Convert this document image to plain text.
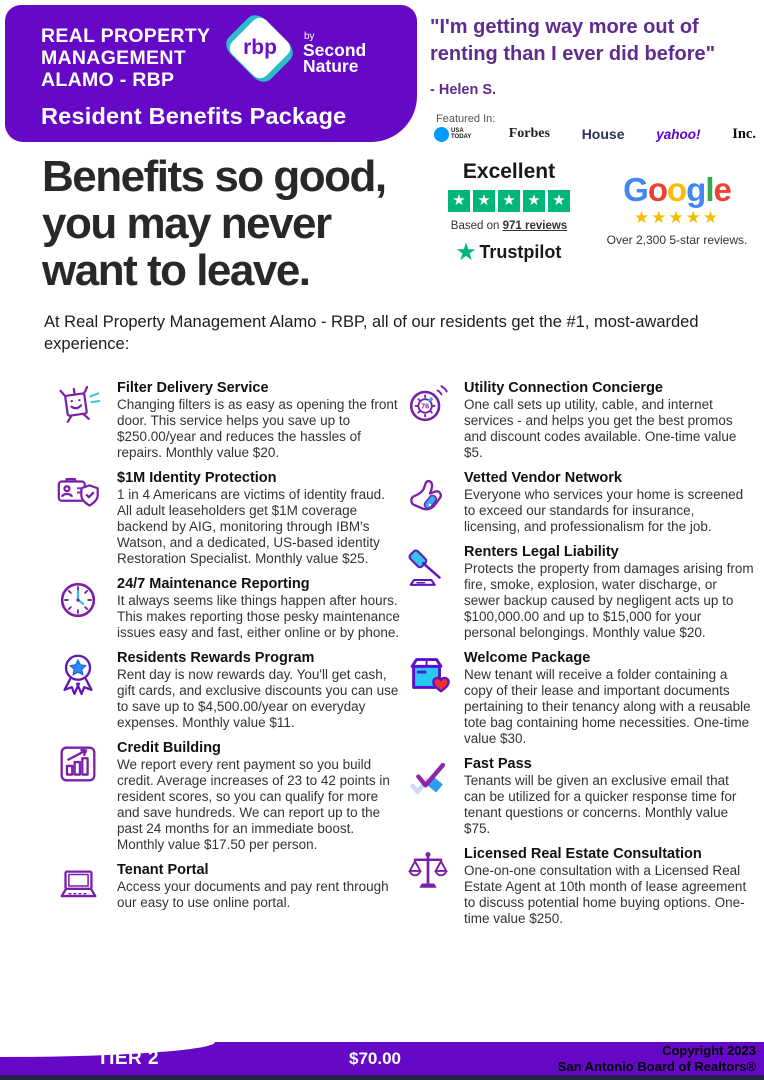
REAL PROPERTY
MANAGEMENT
ALAMO - RBP
rbp	by
Second
Nature
Resident Benefits Package
"I'm getting way more out of renting than I ever did before"
- Helen S.
Featured In:
USA TODAY	Forbes House yahoo! Inc.
Excellent
★ ★ ★ ★ ★
Based on 971 reviews
★ Trustpilot
Google
★★★★★
Over 2,300 5-star reviews.
Benefits so good,
you may never
want to leave.
At Real Property Management Alamo - RBP, all of our residents get the #1, most-awarded experience:
Filter Delivery Service
Changing filters is as easy as opening the front door. This service helps you save up to $250.00/year and reduces the hassles of repairs. Monthly value $20.
$1M Identity Protection
1 in 4 Americans are victims of identity fraud. All adult leaseholders get $1M coverage backend by AIG, monitoring through IBM's Watson, and a dedicated, US-based identity Restoration Specialist. Monthly value $25.
24/7 Maintenance Reporting
It always seems like things happen after hours. This makes reporting those pesky maintenance issues easy and fast, either online or by phone.
Residents Rewards Program
Rent day is now rewards day. You'll get cash, gift cards, and exclusive discounts you can use to save up to $4,500.00/year on everyday expenses. Monthly value $11.
Credit Building
We report every rent payment so you build credit. Average increases of 23 to 42 points in resident scores, so you can qualify for more and save hundreds. We can report up to the past 24 months for an immediate boost. Monthly value $17.50 per person.
Tenant Portal
Access your documents and pay rent through our easy to use online portal.
76
Utility Connection Concierge
One call sets up utility, cable, and internet services - and helps you get the best promos and discount codes available. One-time value $5.
Vetted Vendor Network
Everyone who services your home is screened to exceed our standards for insurance, licensing, and professionalism for the job.
Renters Legal Liability
Protects the property from damages arising from fire, smoke, explosion, water discharge, or sewer backup caused by negligent acts up to $100,000.00 and up to $15,000 for your personal belongings. Monthly value $20.
Welcome Package
New tenant will receive a folder containing a copy of their lease and important documents pertaining to their tenancy along with a reusable tote bag containing home necessities. One-time value $30.
Fast Pass
Tenants will be given an exclusive email that can be utilized for a quicker response time for tenant questions or concerns. Monthly value $75.
Licensed Real Estate Consultation
One-on-one consultation with a Licensed Real Estate Agent at 10th month of lease agreement to discuss potential home buying options. One-time value $250.
TIER 2	$70.00	Copyright 2023
San Antonio Board of Realtors®
